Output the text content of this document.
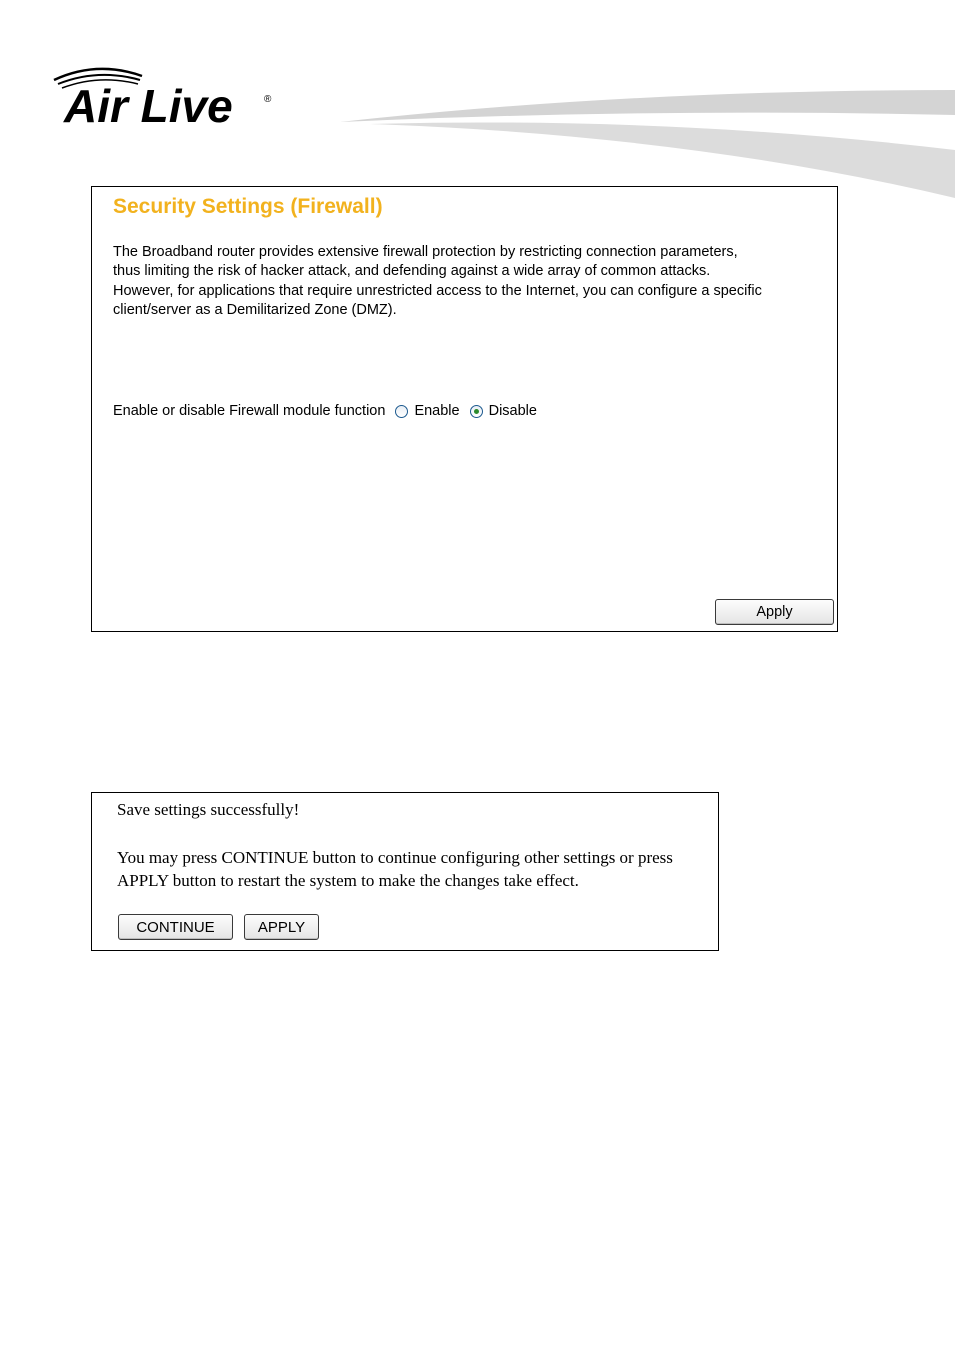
Air Live	®
Security Settings (Firewall)
The Broadband router provides extensive firewall protection by restricting connection parameters, thus limiting the risk of hacker attack, and defending against a wide array of common attacks. However, for applications that require unrestricted access to the Internet, you can configure a specific client/server as a Demilitarized Zone (DMZ).
Enable or disable Firewall module function Enable Disable
Apply
Save settings successfully!
You may press CONTINUE button to continue configuring other settings or press APPLY button to restart the system to make the changes take effect.
CONTINUE	APPLY
